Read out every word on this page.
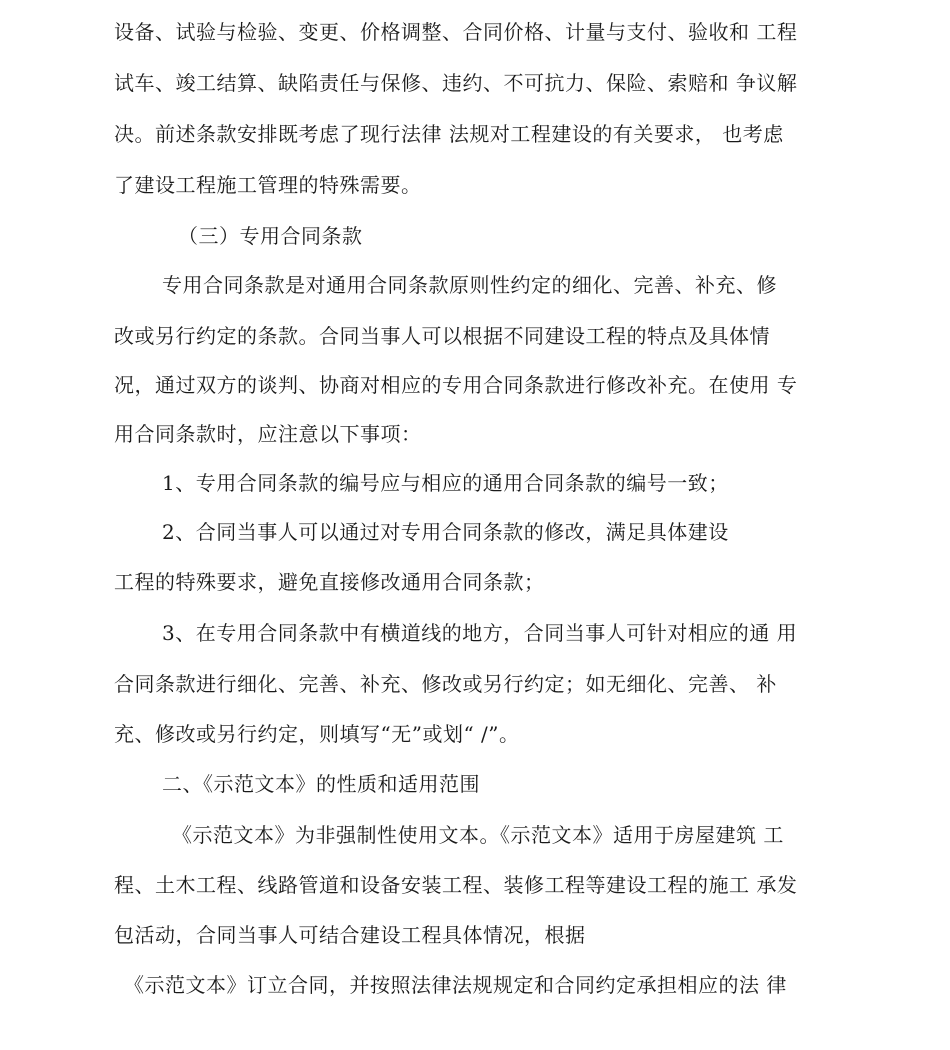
设备、试验与检验、变更、价格调整、合同价格、计量与支付、验收和 工程
试车、竣工结算、缺陷责任与保修、违约、不可抗力、保险、索赔和 争议解
决。前述条款安排既考虑了现行法律 法规对工程建设的有关要求， 也考虑
了建设工程施工管理的特殊需要。
（三）专用合同条款
专用合同条款是对通用合同条款原则性约定的细化、完善、补充、修
改或另行约定的条款。合同当事人可以根据不同建设工程的特点及具体情
况，通过双方的谈判、协商对相应的专用合同条款进行修改补充。在使用 专
用合同条款时，应注意以下事项：
1、专用合同条款的编号应与相应的通用合同条款的编号一致；
2、合同当事人可以通过对专用合同条款的修改，满足具体建设
工程的特殊要求，避免直接修改通用合同条款；
3、在专用合同条款中有横道线的地方，合同当事人可针对相应的通 用
合同条款进行细化、完善、补充、修改或另行约定；如无细化、完善、 补
充、修改或另行约定，则填写“无”或划“ /”。
二、《示范文本》的性质和适用范围
《示范文本》为非强制性使用文本。《示范文本》适用于房屋建筑 工
程、土木工程、线路管道和设备安装工程、装修工程等建设工程的施工 承发
包活动，合同当事人可结合建设工程具体情况，根据
《示范文本》订立合同，并按照法律法规规定和合同约定承担相应的法 律
